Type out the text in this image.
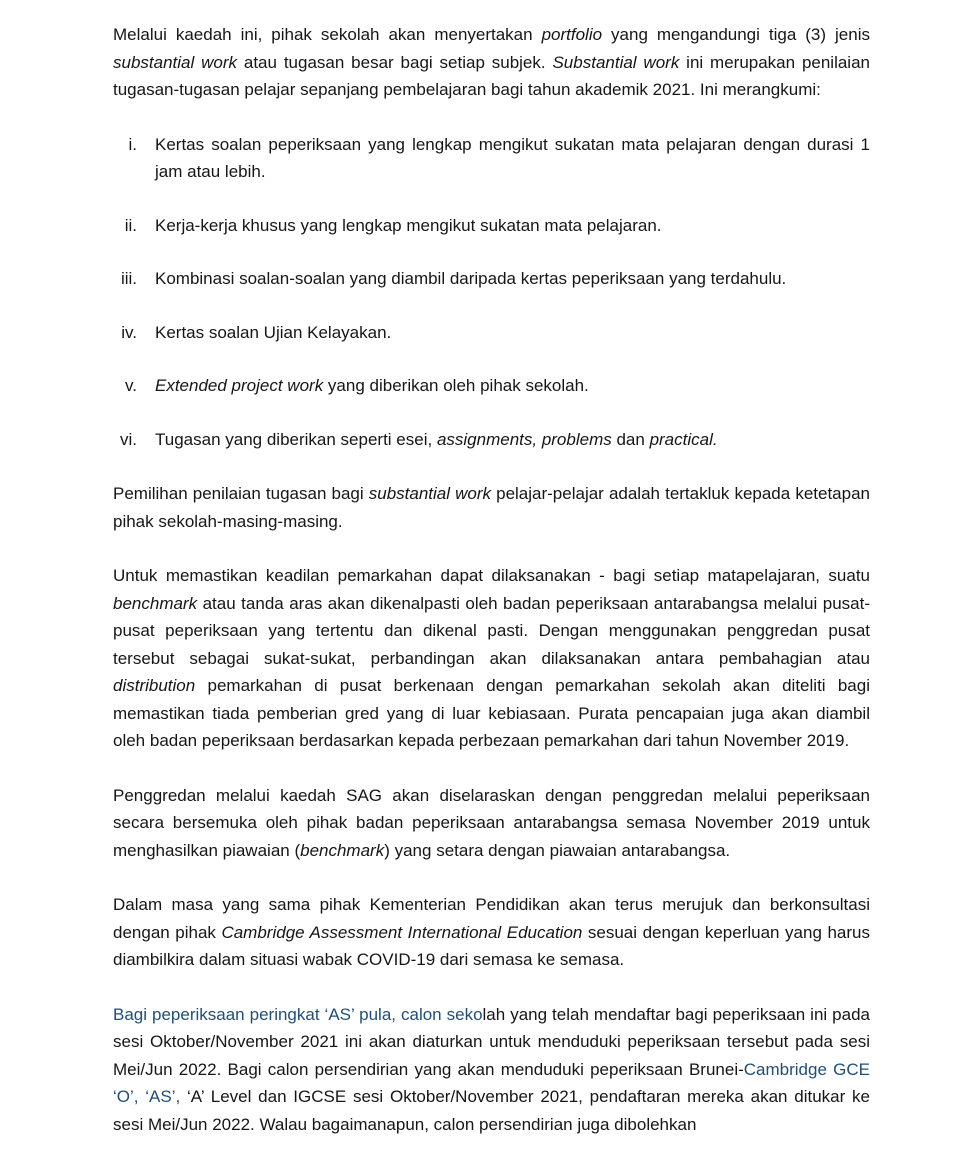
Melalui kaedah ini, pihak sekolah akan menyertakan portfolio yang mengandungi tiga (3) jenis substantial work atau tugasan besar bagi setiap subjek. Substantial work ini merupakan penilaian tugasan-tugasan pelajar sepanjang pembelajaran bagi tahun akademik 2021. Ini merangkumi:

i. Kertas soalan peperiksaan yang lengkap mengikut sukatan mata pelajaran dengan durasi 1 jam atau lebih.
ii. Kerja-kerja khusus yang lengkap mengikut sukatan mata pelajaran.
iii. Kombinasi soalan-soalan yang diambil daripada kertas peperiksaan yang terdahulu.
iv. Kertas soalan Ujian Kelayakan.
v. Extended project work yang diberikan oleh pihak sekolah.
vi. Tugasan yang diberikan seperti esei, assignments, problems dan practical.

Pemilihan penilaian tugasan bagi substantial work pelajar-pelajar adalah tertakluk kepada ketetapan pihak sekolah-masing-masing.

Untuk memastikan keadilan pemarkahan dapat dilaksanakan - bagi setiap matapelajaran, suatu benchmark atau tanda aras akan dikenalpasti oleh badan peperiksaan antarabangsa melalui pusat-pusat peperiksaan yang tertentu dan dikenal pasti. Dengan menggunakan penggredan pusat tersebut sebagai sukat-sukat, perbandingan akan dilaksanakan antara pembahagian atau distribution pemarkahan di pusat berkenaan dengan pemarkahan sekolah akan diteliti bagi memastikan tiada pemberian gred yang di luar kebiasaan. Purata pencapaian juga akan diambil oleh badan peperiksaan berdasarkan kepada perbezaan pemarkahan dari tahun November 2019.

Penggredan melalui kaedah SAG akan diselaraskan dengan penggredan melalui peperiksaan secara bersemuka oleh pihak badan peperiksaan antarabangsa semasa November 2019 untuk menghasilkan piawaian (benchmark) yang setara dengan piawaian antarabangsa.

Dalam masa yang sama pihak Kementerian Pendidikan akan terus merujuk dan berkonsultasi dengan pihak Cambridge Assessment International Education sesuai dengan keperluan yang harus diambilkira dalam situasi wabak COVID-19 dari semasa ke semasa.

Bagi peperiksaan peringkat ‘AS’ pula, calon sekolah yang telah mendaftar bagi peperiksaan ini pada sesi Oktober/November 2021 ini akan diaturkan untuk menduduki peperiksaan tersebut pada sesi Mei/Jun 2022. Bagi calon persendirian yang akan menduduki peperiksaan Brunei-Cambridge GCE ‘O’, ‘AS’, ‘A’ Level dan IGCSE sesi Oktober/November 2021, pendaftaran mereka akan ditukar ke sesi Mei/Jun 2022. Walau bagaimanapun, calon persendirian juga dibolehkan
